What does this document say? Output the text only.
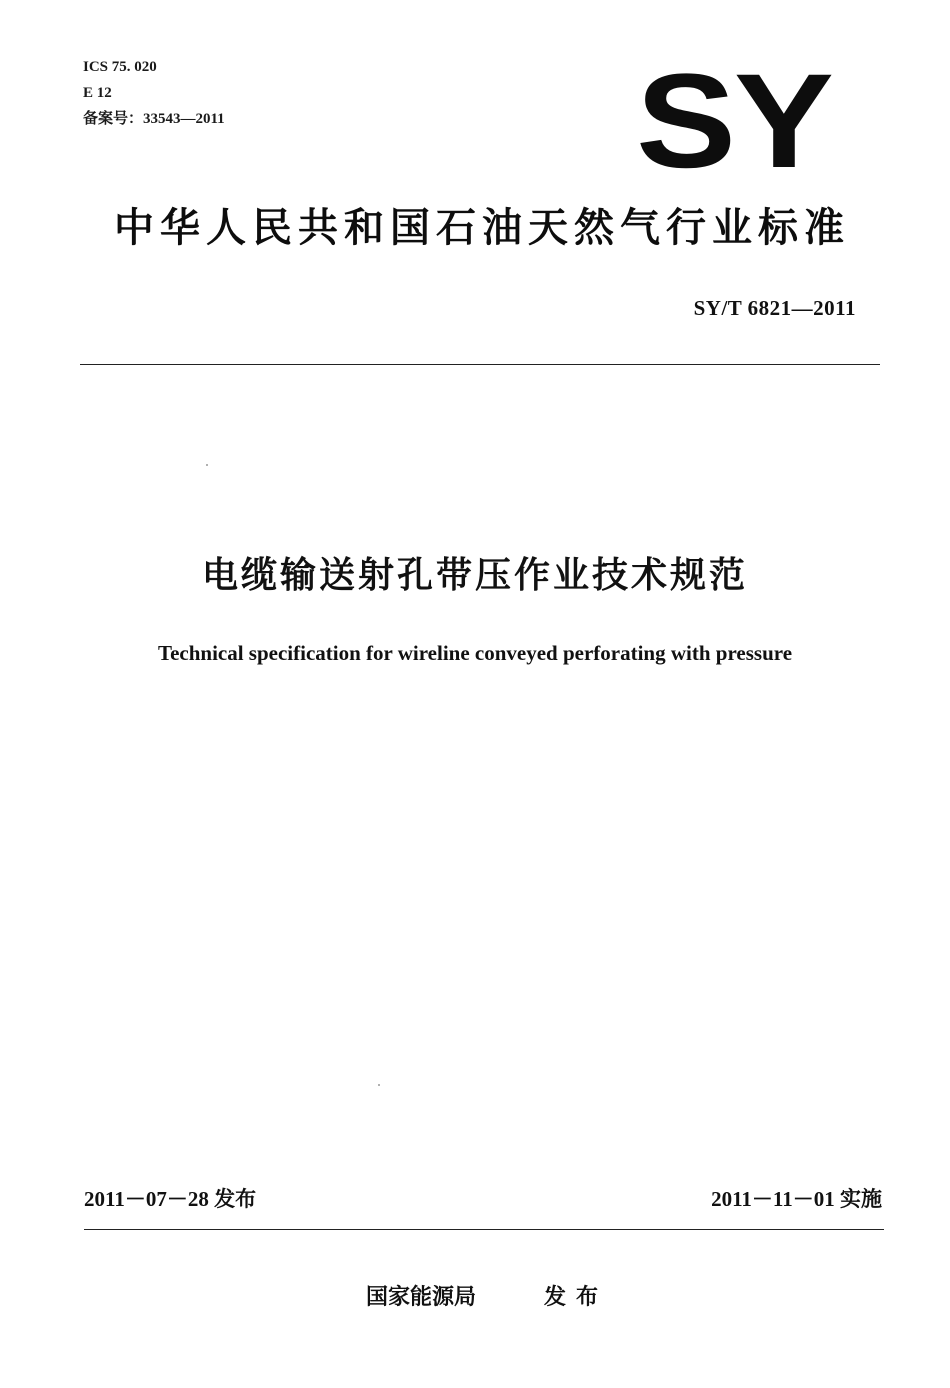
ICS 75. 020
E 12
备案号：33543—2011	SY
中华人民共和国石油天然气行业标准
SY/T 6821—2011
电缆输送射孔带压作业技术规范
Technical specification for wireline conveyed perforating with pressure
2011－07－28 发布	2011－11－01 实施
国家能源局	发布
